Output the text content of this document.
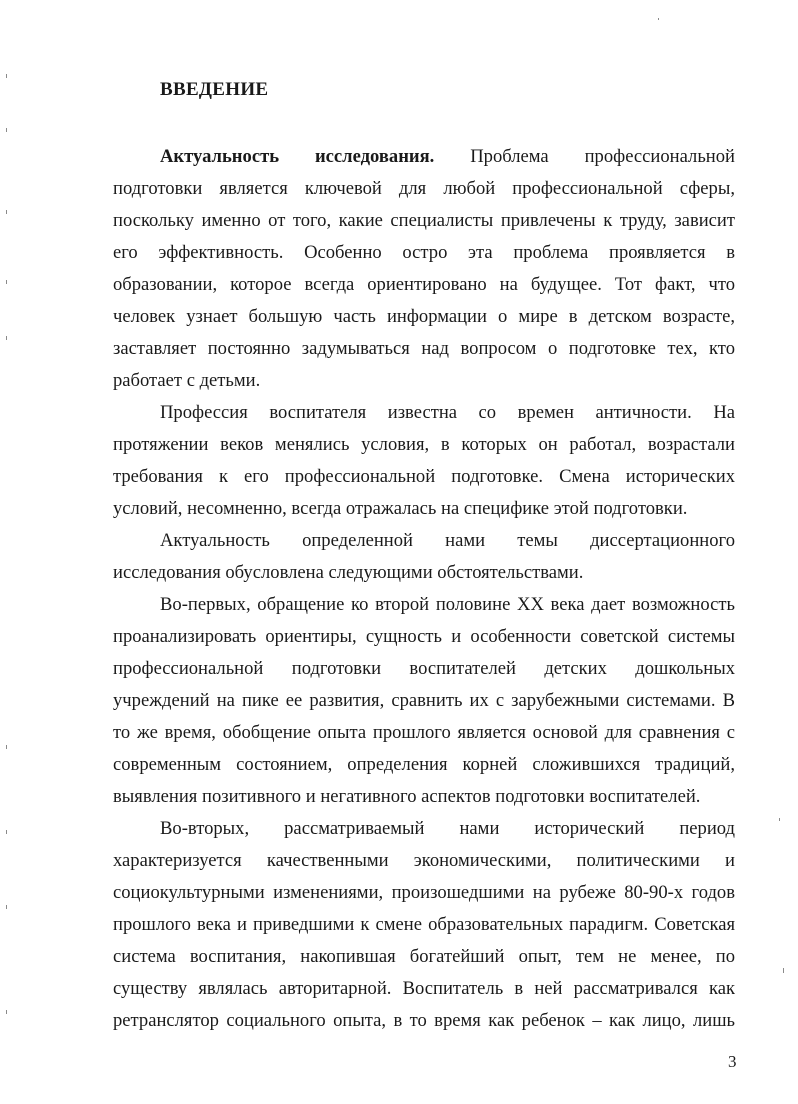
ВВЕДЕНИЕ
Актуальность исследования. Проблема профессиональной
подготовки является ключевой для любой профессиональной сферы,
поскольку именно от того, какие специалисты привлечены к труду, зависит
его эффективность. Особенно остро эта проблема проявляется в
образовании, которое всегда ориентировано на будущее. Тот факт, что
человек узнает большую часть информации о мире в детском возрасте,
заставляет постоянно задумываться над вопросом о подготовке тех, кто
работает с детьми.
Профессия воспитателя известна со времен античности. На
протяжении веков менялись условия, в которых он работал, возрастали
требования к его профессиональной подготовке. Смена исторических
условий, несомненно, всегда отражалась на специфике этой подготовки.
Актуальность определенной нами темы диссертационного
исследования обусловлена следующими обстоятельствами.
Во-первых, обращение ко второй половине XX века дает возможность
проанализировать ориентиры, сущность и особенности советской системы
профессиональной подготовки воспитателей детских дошкольных
учреждений на пике ее развития, сравнить их с зарубежными системами. В
то же время, обобщение опыта прошлого является основой для сравнения с
современным состоянием, определения корней сложившихся традиций,
выявления позитивного и негативного аспектов подготовки воспитателей.
Во-вторых, рассматриваемый нами исторический период
характеризуется качественными экономическими, политическими и
социокультурными изменениями, произошедшими на рубеже 80-90-х годов
прошлого века и приведшими к смене образовательных парадигм. Советская
система воспитания, накопившая богатейший опыт, тем не менее, по
существу являлась авторитарной. Воспитатель в ней рассматривался как
ретранслятор социального опыта, в то время как ребенок – как лицо, лишь
3
